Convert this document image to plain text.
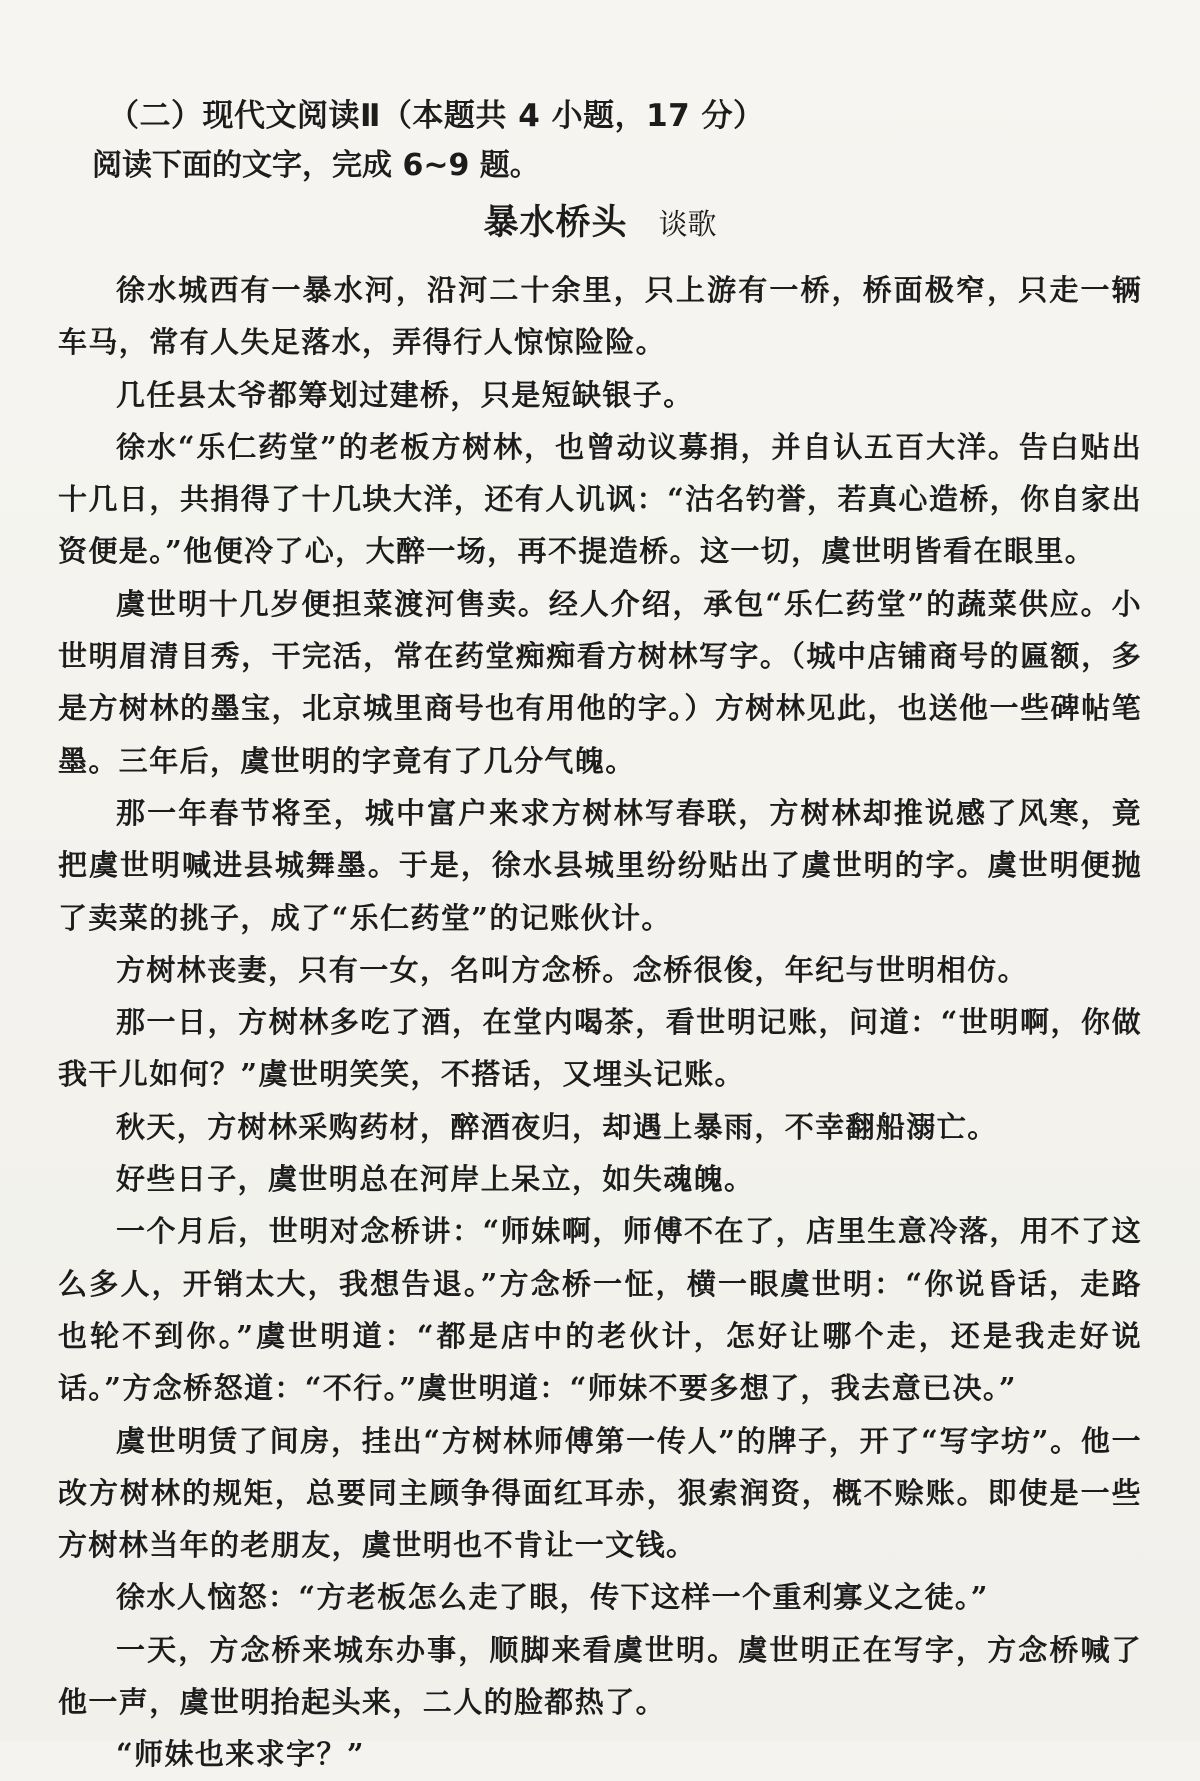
（二）现代文阅读Ⅱ（本题共 4 小题，17 分）
阅读下面的文字，完成 6~9 题。
暴水桥头 谈歌

徐水城西有一暴水河，沿河二十余里，只上游有一桥，桥面极窄，只走一辆车马，常有人失足落水，弄得行人惊惊险险。

几任县太爷都筹划过建桥，只是短缺银子。

徐水“乐仁药堂”的老板方树林，也曾动议募捐，并自认五百大洋。告白贴出十几日，共捐得了十几块大洋，还有人讥讽：“沽名钓誉，若真心造桥，你自家出资便是。”他便冷了心，大醉一场，再不提造桥。这一切，虞世明皆看在眼里。

虞世明十几岁便担菜渡河售卖。经人介绍，承包“乐仁药堂”的蔬菜供应。小世明眉清目秀，干完活，常在药堂痴痴看方树林写字。（城中店铺商号的匾额，多是方树林的墨宝，北京城里商号也有用他的字。）方树林见此，也送他一些碑帖笔墨。三年后，虞世明的字竟有了几分气魄。

那一年春节将至，城中富户来求方树林写春联，方树林却推说感了风寒，竟把虞世明喊进县城舞墨。于是，徐水县城里纷纷贴出了虞世明的字。虞世明便抛了卖菜的挑子，成了“乐仁药堂”的记账伙计。

方树林丧妻，只有一女，名叫方念桥。念桥很俊，年纪与世明相仿。

那一日，方树林多吃了酒，在堂内喝茶，看世明记账，问道：“世明啊，你做我干儿如何？”虞世明笑笑，不搭话，又埋头记账。

秋天，方树林采购药材，醉酒夜归，却遇上暴雨，不幸翻船溺亡。

好些日子，虞世明总在河岸上呆立，如失魂魄。

一个月后，世明对念桥讲：“师妹啊，师傅不在了，店里生意冷落，用不了这么多人，开销太大，我想告退。”方念桥一怔，横一眼虞世明：“你说昏话，走路也轮不到你。”虞世明道：“都是店中的老伙计，怎好让哪个走，还是我走好说话。”方念桥怒道：“不行。”虞世明道：“师妹不要多想了，我去意已决。”

虞世明赁了间房，挂出“方树林师傅第一传人”的牌子，开了“写字坊”。他一改方树林的规矩，总要同主顾争得面红耳赤，狠索润资，概不赊账。即使是一些方树林当年的老朋友，虞世明也不肯让一文钱。

徐水人恼怒：“方老板怎么走了眼，传下这样一个重利寡义之徒。”

一天，方念桥来城东办事，顺脚来看虞世明。虞世明正在写字，方念桥喊了他一声，虞世明抬起头来，二人的脸都热了。

“师妹也来求字？”
